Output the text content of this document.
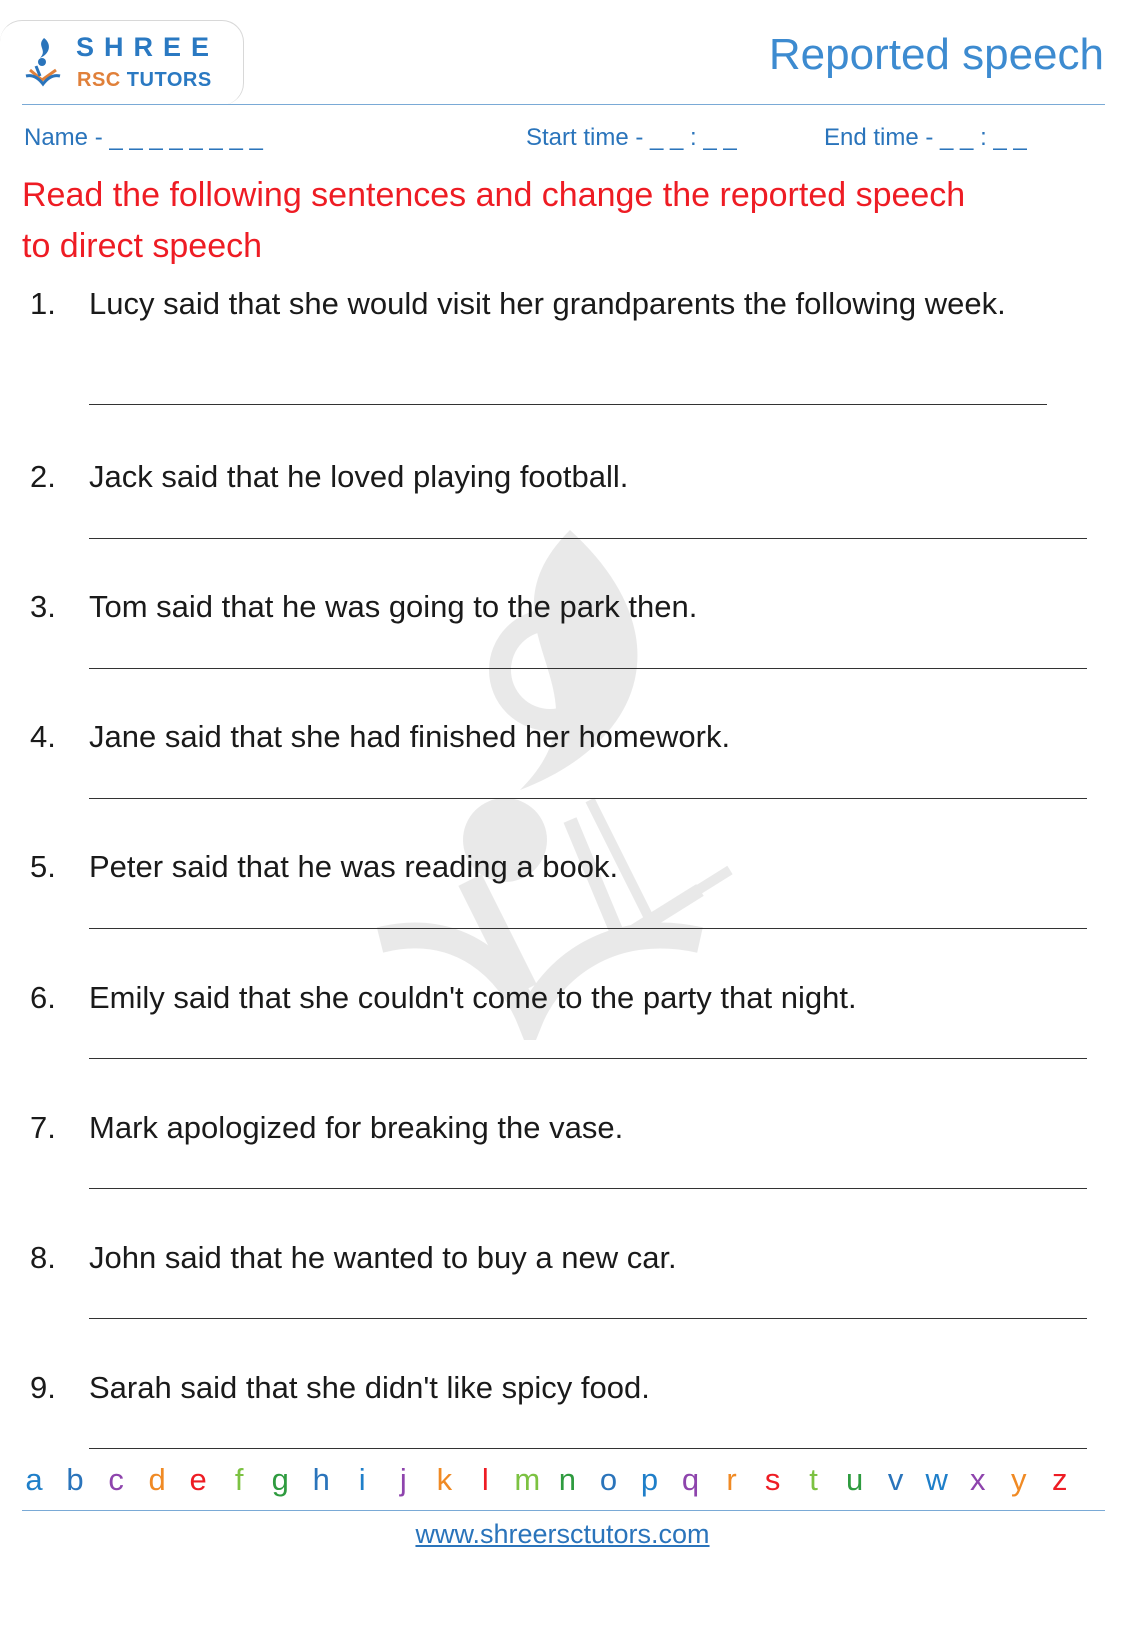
SHREE
RSC TUTORS
Reported speech
Name - _ _ _ _ _ _ _ _	Start time - _ _ : _ _	End time - _ _ : _ _
Read the following sentences and change the reported speech to direct speech
1. Lucy said that she would visit her grandparents the following week.
2. Jack said that he loved playing football.
3. Tom said that he was going to the park then.
4. Jane said that she had finished her homework.
5. Peter said that he was reading a book.
6. Emily said that she couldn't come to the party that night.
7. Mark apologized for breaking the vase.
8. John said that he wanted to buy a new car.
9. Sarah said that she didn't like spicy food.
a b c d e f g h i j k l m n o p q r s t u v w x y z
www.shreersctutors.com
